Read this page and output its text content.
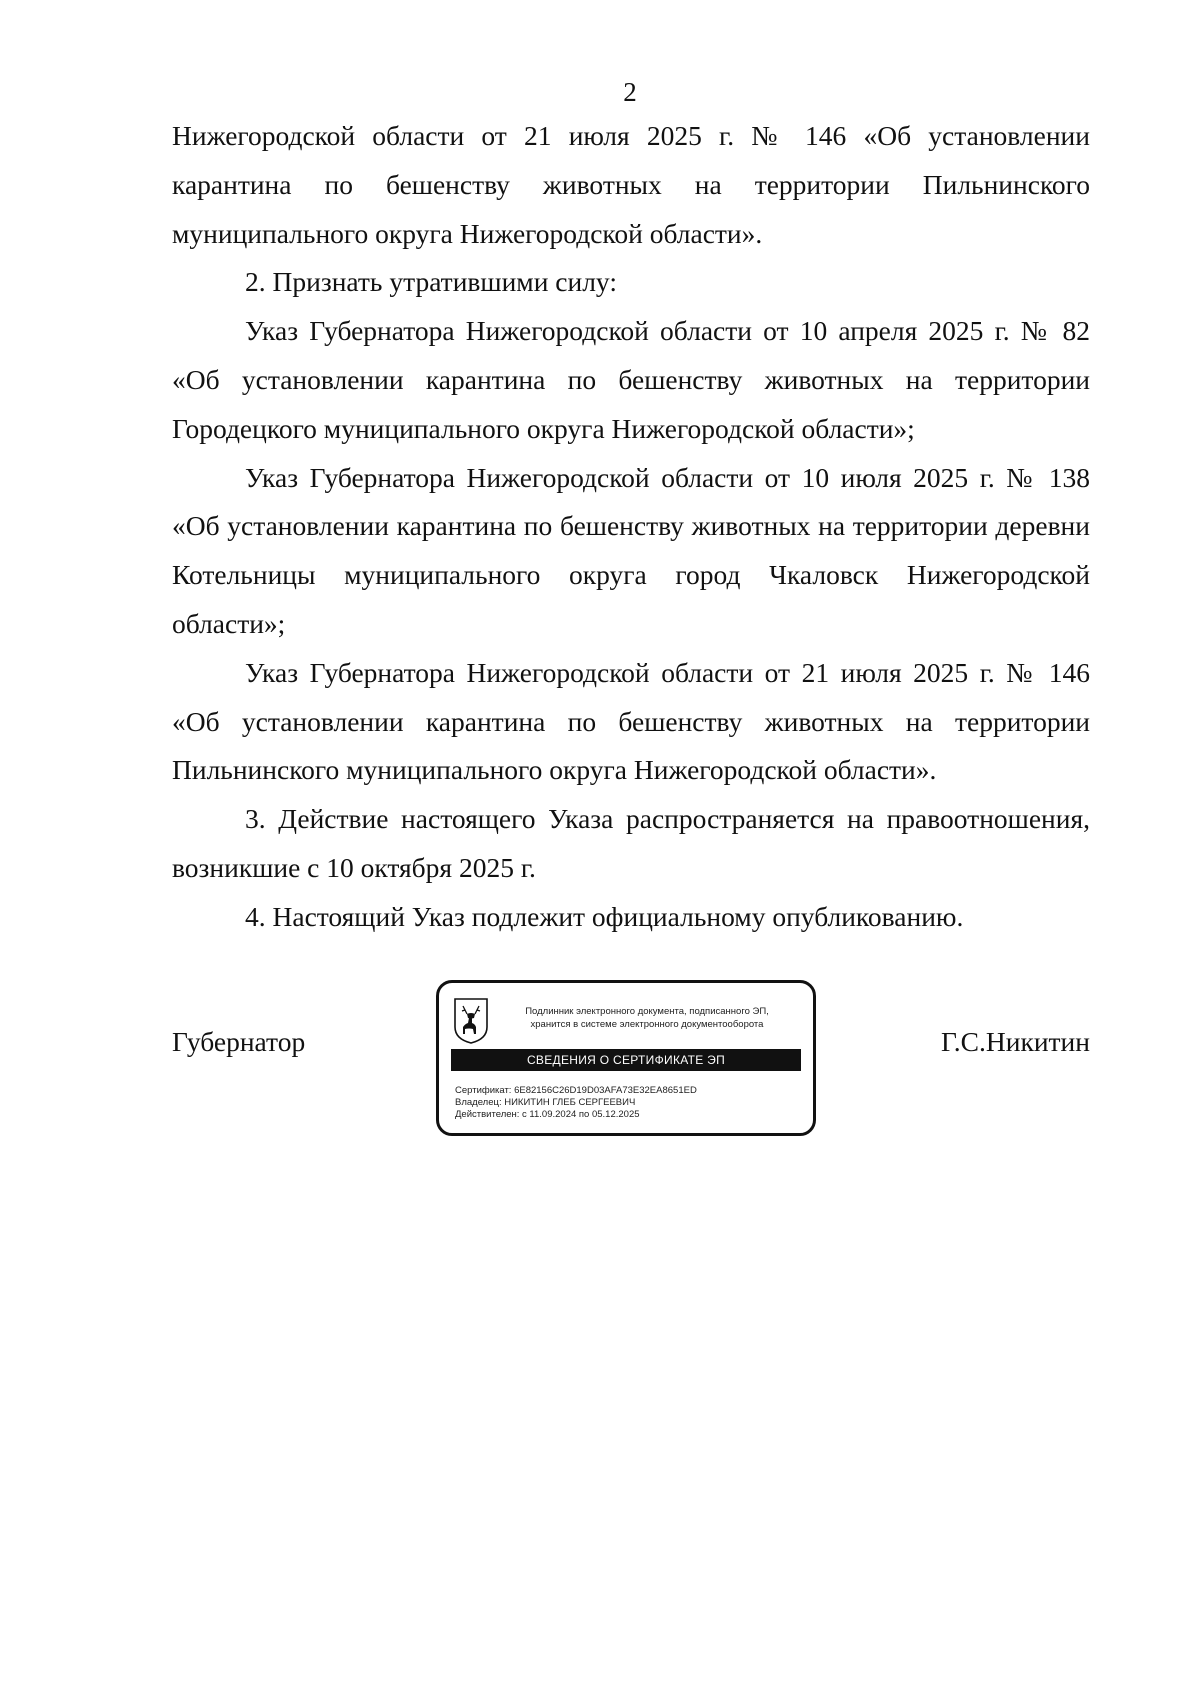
2

Нижегородской области от 21 июля 2025 г. № 146 «Об установлении карантина по бешенству животных на территории Пильнинского муниципального округа Нижегородской области».

2. Признать утратившими силу:

Указ Губернатора Нижегородской области от 10 апреля 2025 г. № 82 «Об установлении карантина по бешенству животных на территории Городецкого муниципального округа Нижегородской области»;

Указ Губернатора Нижегородской области от 10 июля 2025 г. № 138 «Об установлении карантина по бешенству животных на территории деревни Котельницы муниципального округа город Чкаловск Нижегородской области»;

Указ Губернатора Нижегородской области от 21 июля 2025 г. № 146 «Об установлении карантина по бешенству животных на территории Пильнинского муниципального округа Нижегородской области».

3. Действие настоящего Указа распространяется на правоотношения, возникшие с 10 октября 2025 г.

4. Настоящий Указ подлежит официальному опубликованию.

Губернатор
Подлинник электронного документа, подписанного ЭП,
хранится в системе электронного документооборота
СВЕДЕНИЯ О СЕРТИФИКАТЕ ЭП
Сертификат: 6E82156C26D19D03AFA73E32EA8651ED
Владелец: НИКИТИН ГЛЕБ СЕРГЕЕВИЧ
Действителен: с 11.09.2024 по 05.12.2025
Г.С.Никитин
